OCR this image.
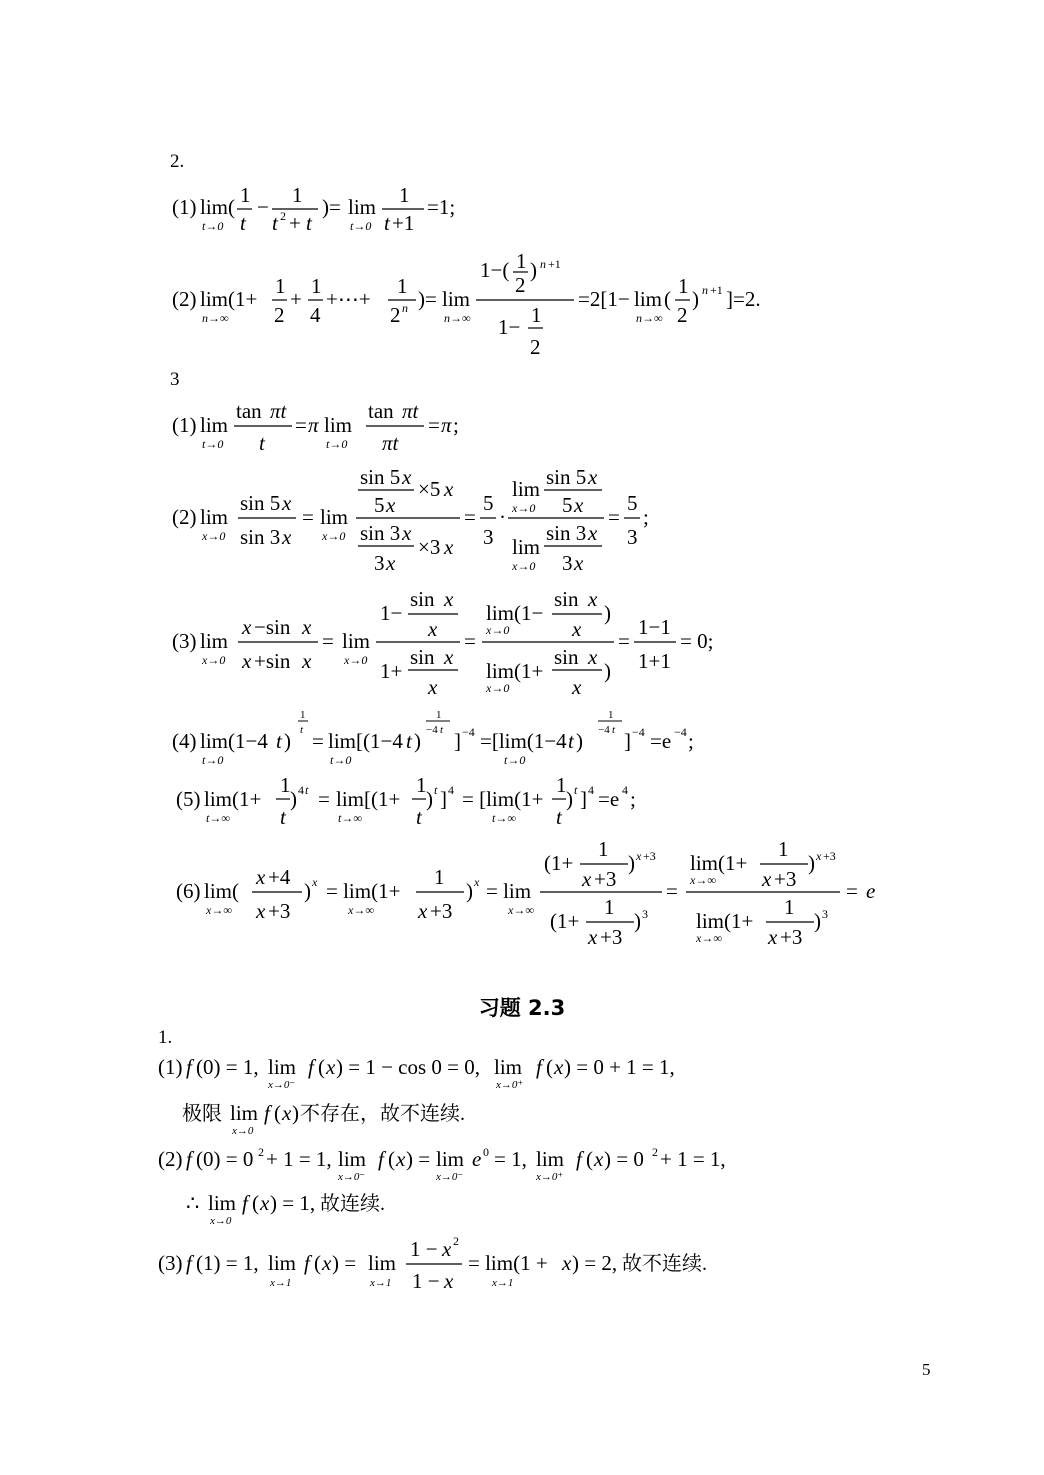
2.
(1) lim
t→0
( 1
t
− 1
t 2 + t
)= lim
t→0
1
t +1
=1;
(2) lim
n→∞
(1+
1
2
+
1
4
+⋯+
1
2 n )= lim
n→∞
1−( 1
2
) n +1
1− 1
2
=2[1− lim
n→∞
(
1
2
) n +1 ]=2.
3
(1) lim
t→0
tan πt
t
= π lim
t→0
tan πt
πt
= π ;
(2) lim
x→0
sin 5 x
sin 3 x
= lim
x→0
sin 5 x
5 x
×5 x
sin 3 x
3 x
×3 x
=
5
3
·
lim
x→0
sin 5 x
5 x
lim
x→0
sin 3 x
3 x
=
5
3
;
(3) lim
x→0
x −sin x
x +sin x
= lim
x→0
1−
sin x
x
1+
sin x
x
=
lim(1−
sin x
x
)
x→0
lim(1+
sin x
x
)
x→0
=
1−1
1+1
= 0;
(4) lim
t→0
(1−4 t )
1
t = lim[(1−4 t )
1
−4 t ] −4
t→0
=[lim(1−4 t )
1
−4 t ] −4
t→0
=e −4 ;
(5) lim
t→∞
(1+
1
t
) 4 t = lim[(1+
1
t
) t ] 4
t→∞
= [lim(1+
1
t
) t ] 4
t→∞
=e 4 ;
(6) lim(
x→∞
x +4
x +3
) x = lim(1+
x→∞
1
x +3
) x = lim
x→∞
(1+
1
x +3
) x +3
(1+
1
x +3
) 3
=
lim(1+
x→∞
1
x +3
) x +3
lim(1+
x→∞
1
x +3
) 3
= e
习题 2.3
1.
(1) f (0) = 1, lim
x→0⁻
f ( x ) = 1 − cos 0 = 0, lim
x→0⁺
f ( x ) = 0 + 1 = 1,
极限 lim
x→0
f ( x ) 不存在，故不连续.
(2) f (0) = 0 2 + 1 = 1, lim
x→0⁻
f ( x ) = lim
x→0⁻
e 0 = 1, lim
x→0⁺
f ( x ) = 0 2 + 1 = 1,
∴ lim
x→0
f ( x ) = 1, 故连续.
(3) f (1) = 1, lim
x→1
f ( x ) = lim
x→1
1 − x 2
1 − x
= lim(1 +
x→1
x ) = 2, 故不连续.
5
